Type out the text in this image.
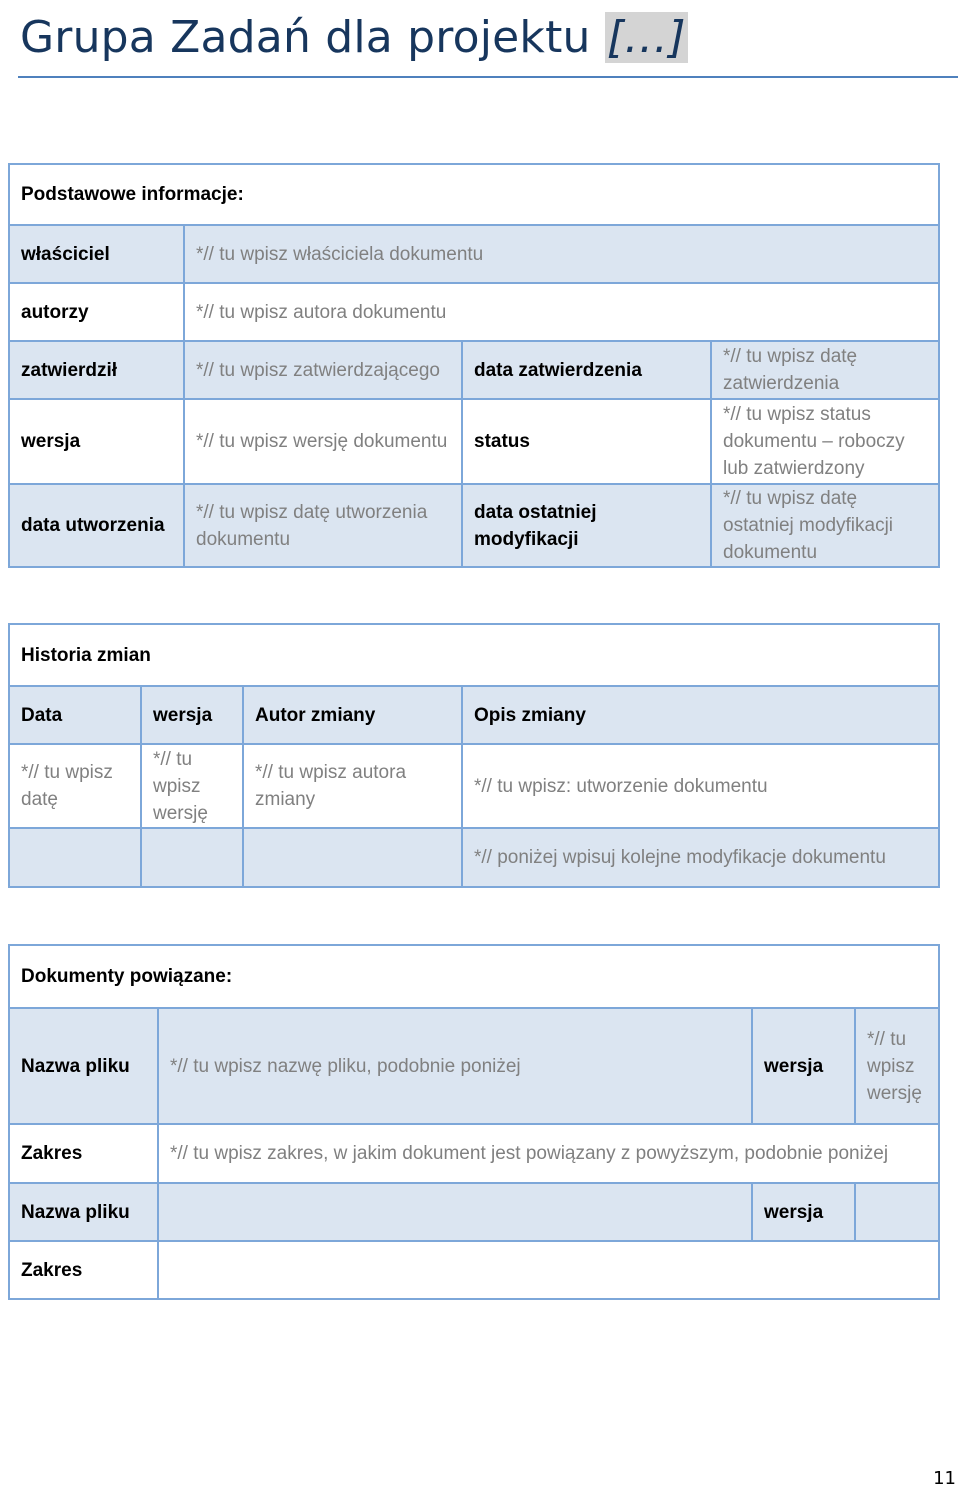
Grupa Zadań dla projektu […]
Podstawowe informacje:			
właściciel	*// tu wpisz właściciela dokumentu		
autorzy	*// tu wpisz autora dokumentu		
zatwierdził	*// tu wpisz zatwierdzającego	data zatwierdzenia	*// tu wpisz datę zatwierdzenia
wersja	*// tu wpisz wersję dokumentu	status	*// tu wpisz status dokumentu – roboczy lub zatwierdzony
data utworzenia	*// tu wpisz datę utworzenia dokumentu	data ostatniej modyfikacji	*// tu wpisz datę ostatniej modyfikacji dokumentu
Historia zmian			
Data	wersja	Autor zmiany	Opis zmiany
*// tu wpisz datę	*// tu wpisz wersję	*// tu wpisz autora zmiany	*// tu wpisz: utworzenie dokumentu
			*// poniżej wpisuj kolejne modyfikacje dokumentu
Dokumenty powiązane:			
Nazwa pliku	*// tu wpisz nazwę pliku, podobnie poniżej	wersja	*// tu wpisz wersję
Zakres	*// tu wpisz zakres, w jakim dokument jest powiązany z powyższym, podobnie poniżej		
Nazwa pliku		wersja	
Zakres			
11
